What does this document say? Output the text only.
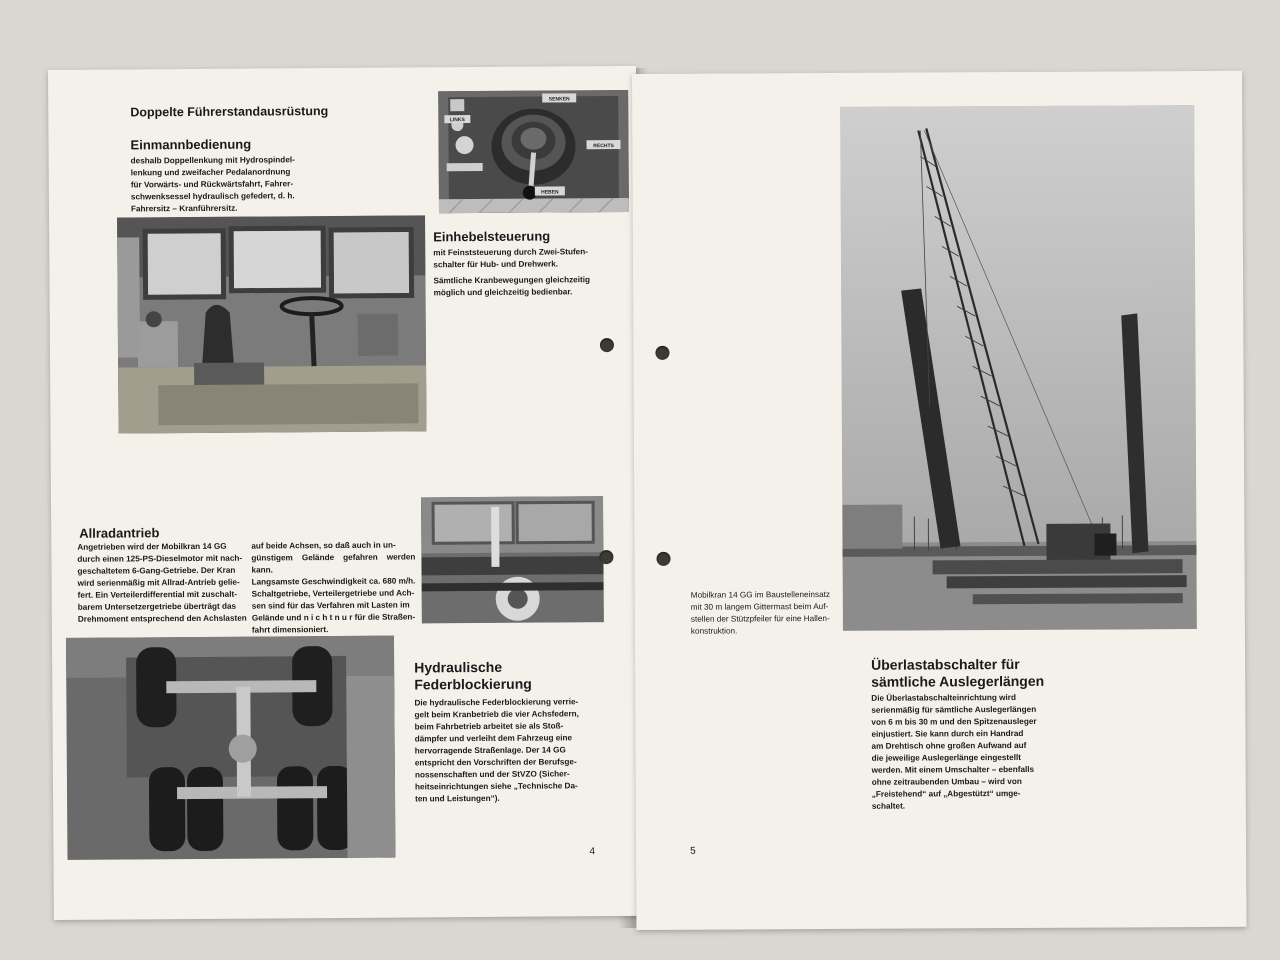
Doppelte Führerstandausrüstung
Einmannbedienung
deshalb Doppellenkung mit Hydrospindel-
lenkung und zweifacher Pedalanordnung
für Vorwärts- und Rückwärtsfahrt, Fahrer-
schwenksessel hydraulisch gefedert, d. h.
Fahrersitz – Kranführersitz.
SENKEN
LINKS
RECHTS
HEBEN
Einhebelsteuerung
mit Feinststeuerung durch Zwei-Stufen-
schalter für Hub- und Drehwerk.
Sämtliche Kranbewegungen gleichzeitig
möglich und gleichzeitig bedienbar.
Allradantrieb
Angetrieben wird der Mobilkran 14 GG
durch einen 125-PS-Dieselmotor mit nach-
geschaltetem 6-Gang-Getriebe. Der Kran
wird serienmäßig mit Allrad-Antrieb gelie-
fert. Ein Verteilerdifferential mit zuschalt-
barem Untersetzergetriebe überträgt das
Drehmoment entsprechend den Achslasten
auf beide Achsen, so daß auch in un-
günstigem Gelände gefahren werden kann.
Langsamste Geschwindigkeit ca. 680 m/h.
Schaltgetriebe, Verteilergetriebe und Ach-
sen sind für das Verfahren mit Lasten im
Gelände und n i c h t n u r für die Straßen-
fahrt dimensioniert.
Hydraulische
Federblockierung
Die hydraulische Federblockierung verrie-
gelt beim Kranbetrieb die vier Achsfedern,
beim Fahrbetrieb arbeitet sie als Stoß-
dämpfer und verleiht dem Fahrzeug eine
hervorragende Straßenlage. Der 14 GG
entspricht den Vorschriften der Berufsge-
nossenschaften und der StVZO (Sicher-
heitseinrichtungen siehe „Technische Da-
ten und Leistungen“).
4
Mobilkran 14 GG im Baustelleneinsatz
mit 30 m langem Gittermast beim Auf-
stellen der Stützpfeiler für eine Hallen-
konstruktion.
Überlastabschalter für
sämtliche Auslegerlängen
Die Überlastabschalteinrichtung wird
serienmäßig für sämtliche Auslegerlängen
von 6 m bis 30 m und den Spitzenausleger
einjustiert. Sie kann durch ein Handrad
am Drehtisch ohne großen Aufwand auf
die jeweilige Auslegerlänge eingestellt
werden. Mit einem Umschalter – ebenfalls
ohne zeitraubenden Umbau – wird von
„Freistehend“ auf „Abgestützt“ umge-
schaltet.
5
